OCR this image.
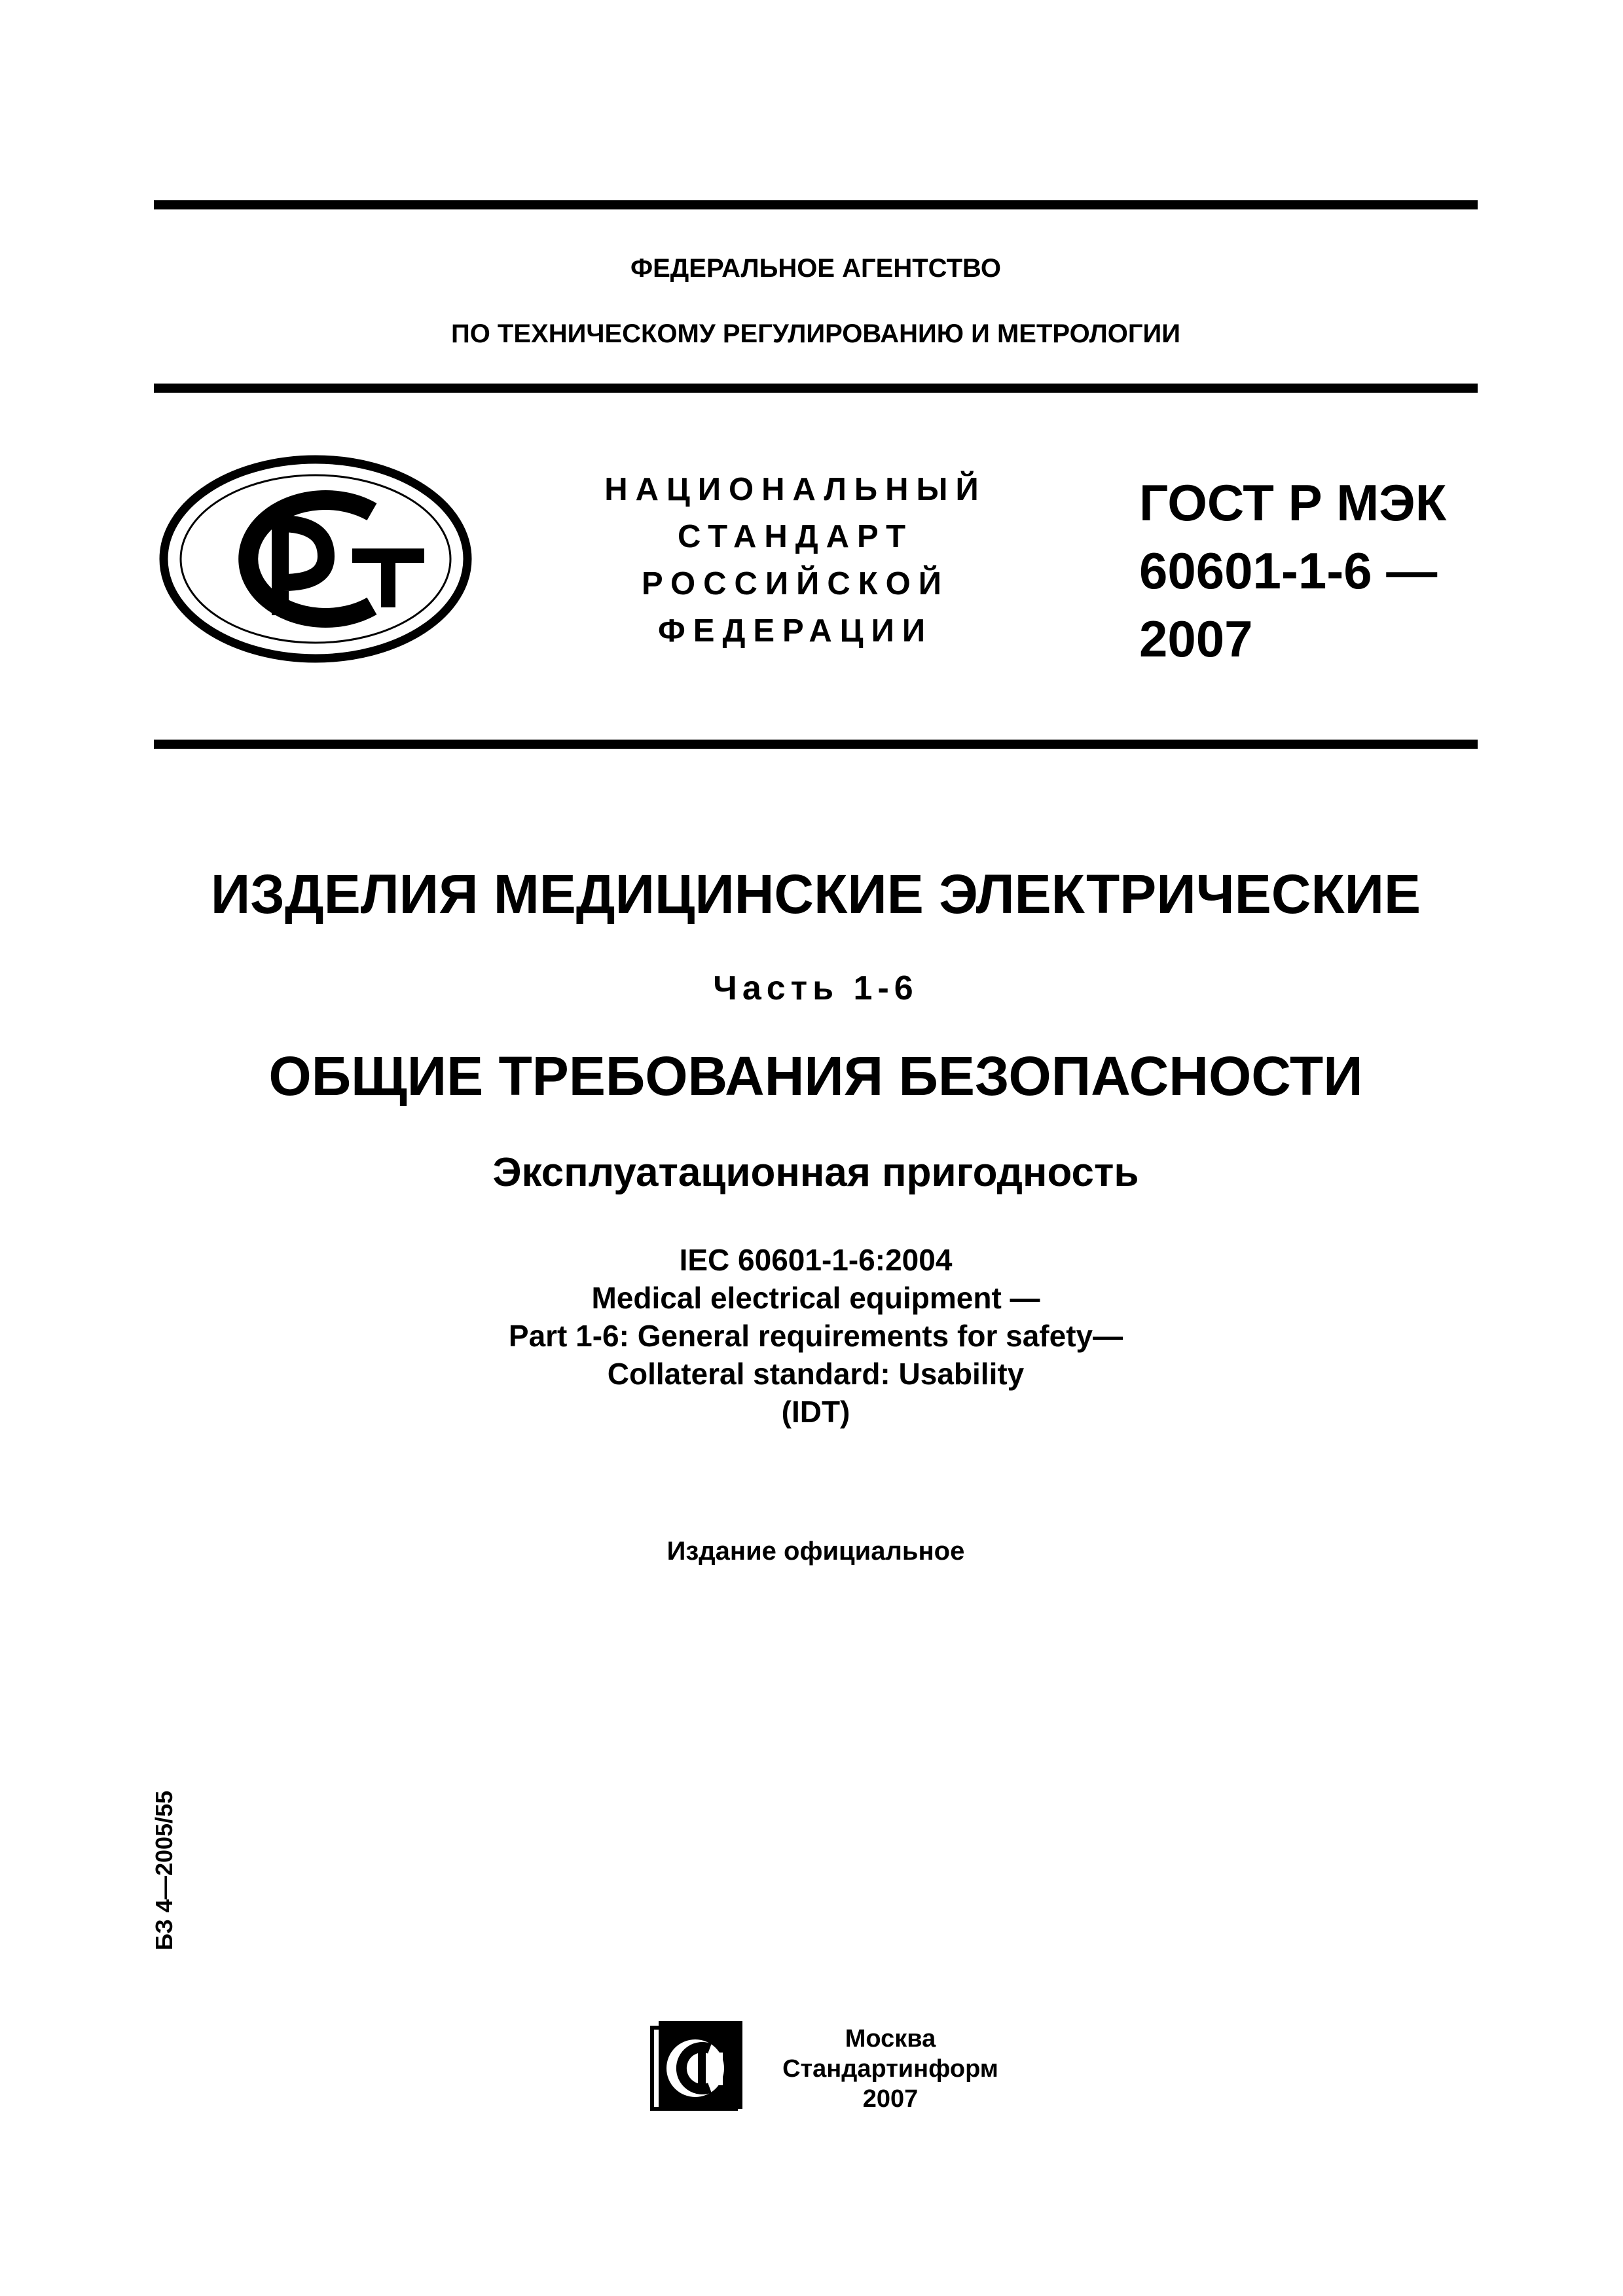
ФЕДЕРАЛЬНОЕ АГЕНТСТВО
ПО ТЕХНИЧЕСКОМУ РЕГУЛИРОВАНИЮ И МЕТРОЛОГИИ
РСТ
НАЦИОНАЛЬНЫЙ
СТАНДАРТ
РОССИЙСКОЙ
ФЕДЕРАЦИИ
ГОСТ Р МЭК
60601-1-6 —
2007
ИЗДЕЛИЯ МЕДИЦИНСКИЕ ЭЛЕКТРИЧЕСКИЕ
Часть 1-6
ОБЩИЕ ТРЕБОВАНИЯ БЕЗОПАСНОСТИ
Эксплуатационная пригодность
IEC 60601-1-6:2004
Medical electrical equipment —
Part 1-6: General requirements for safety—
Collateral standard: Usability
(IDT)
Издание официальное
БЗ 4—2005/55
Москва
Стандартинформ
2007
